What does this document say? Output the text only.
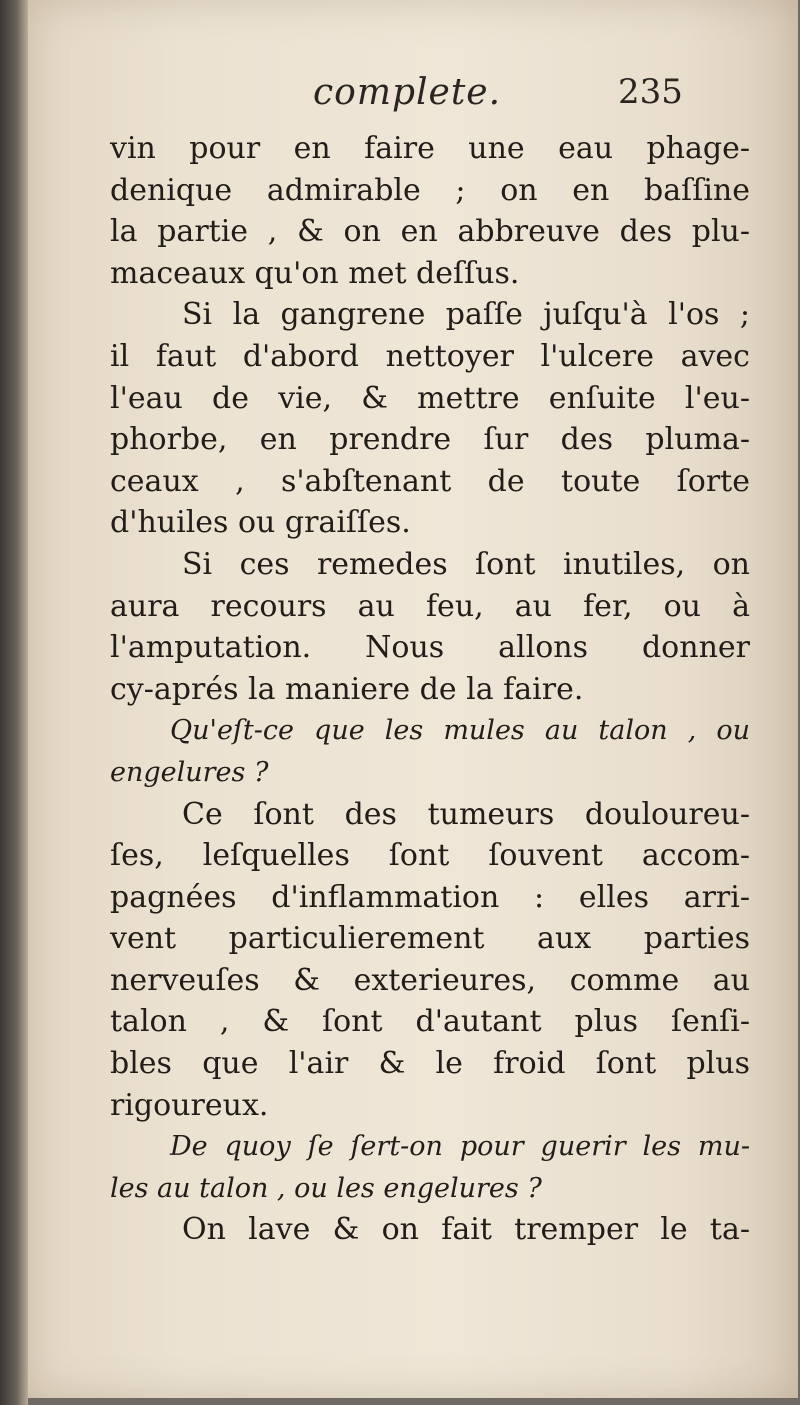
complete.	235
vin pour en faire une eau phage-
denique admirable ; on en baſſine
la partie , & on en abbreuve des plu-
maceaux qu'on met deſſus.
Si la gangrene paſſe juſqu'à l'os ;
il faut d'abord nettoyer l'ulcere avec
l'eau de vie, & mettre enſuite l'eu-
phorbe, en prendre ſur des pluma-
ceaux , s'abſtenant de toute ſorte
d'huiles ou graiſſes.
Si ces remedes ſont inutiles, on
aura recours au feu, au fer, ou à
l'amputation. Nous allons donner
cy-aprés la maniere de la faire.
Qu'eſt-ce que les mules au talon , ou
engelures ?
Ce ſont des tumeurs douloureu-
ſes, leſquelles ſont ſouvent accom-
pagnées d'inflammation : elles arri-
vent particulierement aux parties
nerveuſes & exterieures, comme au
talon , & ſont d'autant plus ſenſi-
bles que l'air & le froid ſont plus
rigoureux.
De quoy ſe ſert-on pour guerir les mu-
les au talon , ou les engelures ?
On lave & on fait tremper le ta-
